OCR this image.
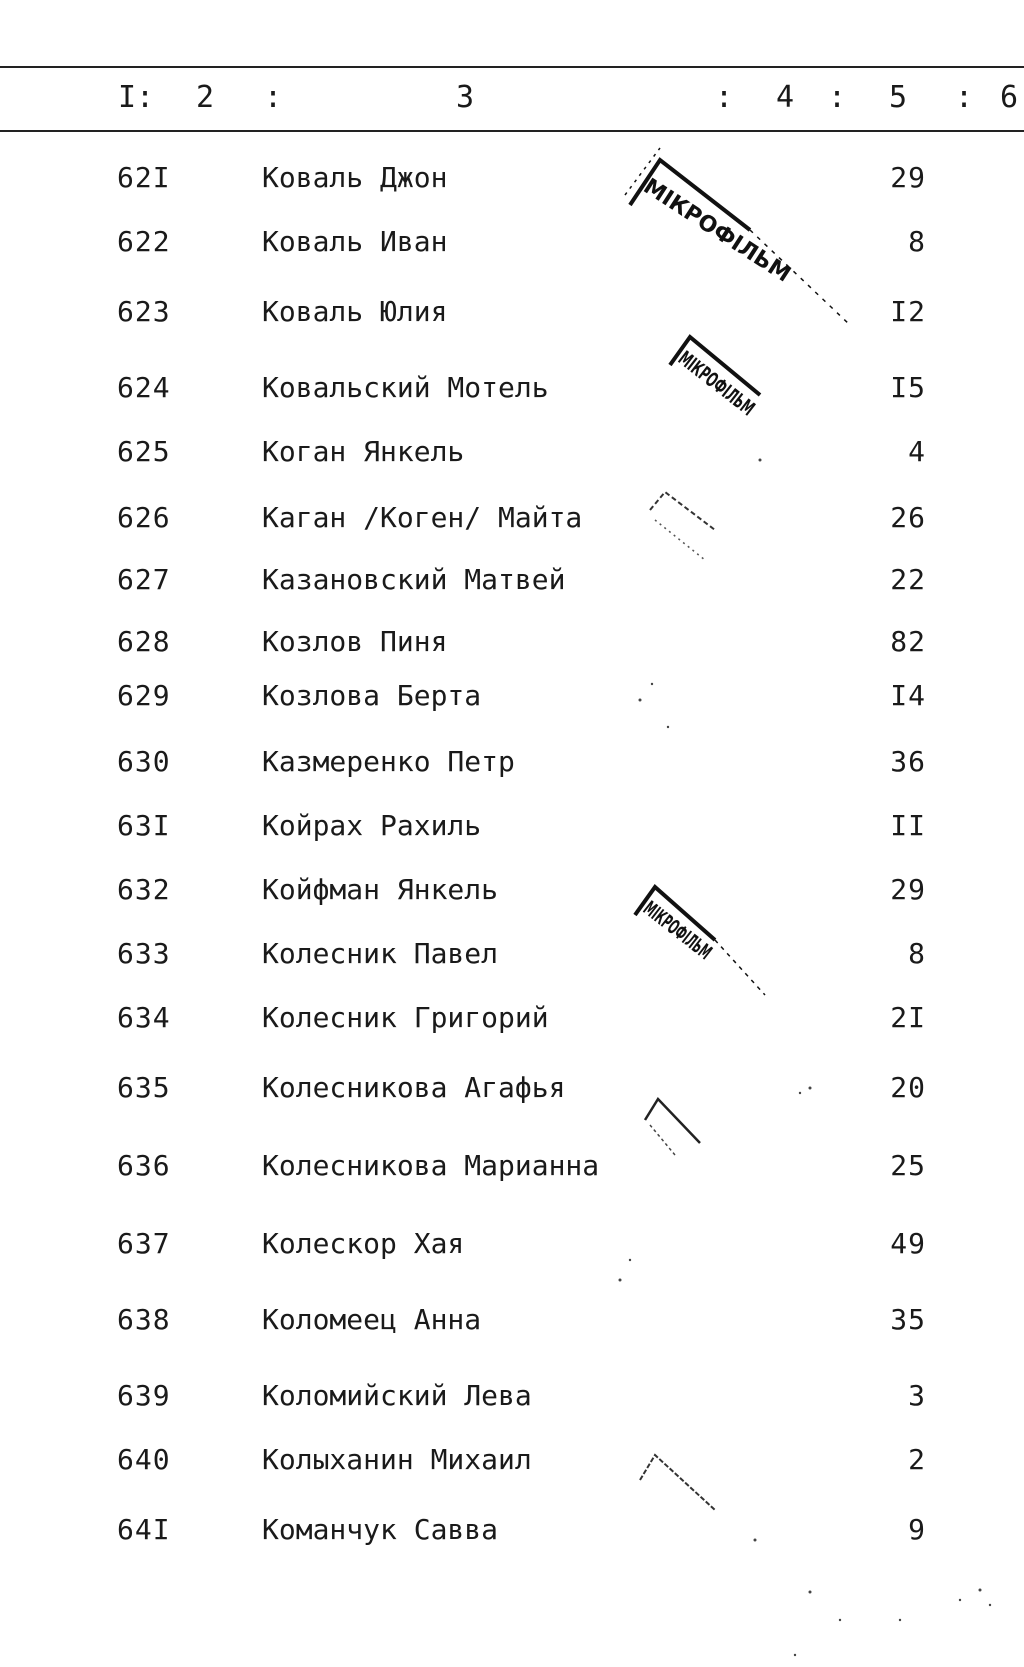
I: 2 :	3	: 4 : 5 : 6
62I	Коваль Джон	29
622	Коваль Иван	8
623	Коваль Юлия	I2
624	Ковальский Мотель	I5
625	Коган Янкель	4
626	Каган /Коген/ Майта	26
627	Казановский Матвей	22
628	Козлов Пиня	82
629	Козлова Берта	I4
630	Казмеренко Петр	36
63I	Койрах Рахиль	II
632	Койфман Янкель	29
633	Колесник Павел	8
634	Колесник Григорий	2I
635	Колесникова Агафья	20
636	Колесникова Марианна	25
637	Колескор Хая	49
638	Коломеец Анна	35
639	Коломийский Лева	3
640	Колыханин Михаил	2
64I	Команчук Савва	9
МІКРОФІЛЬМ
МІКРОФІЛЬМ
МІКРОФІЛЬМ
